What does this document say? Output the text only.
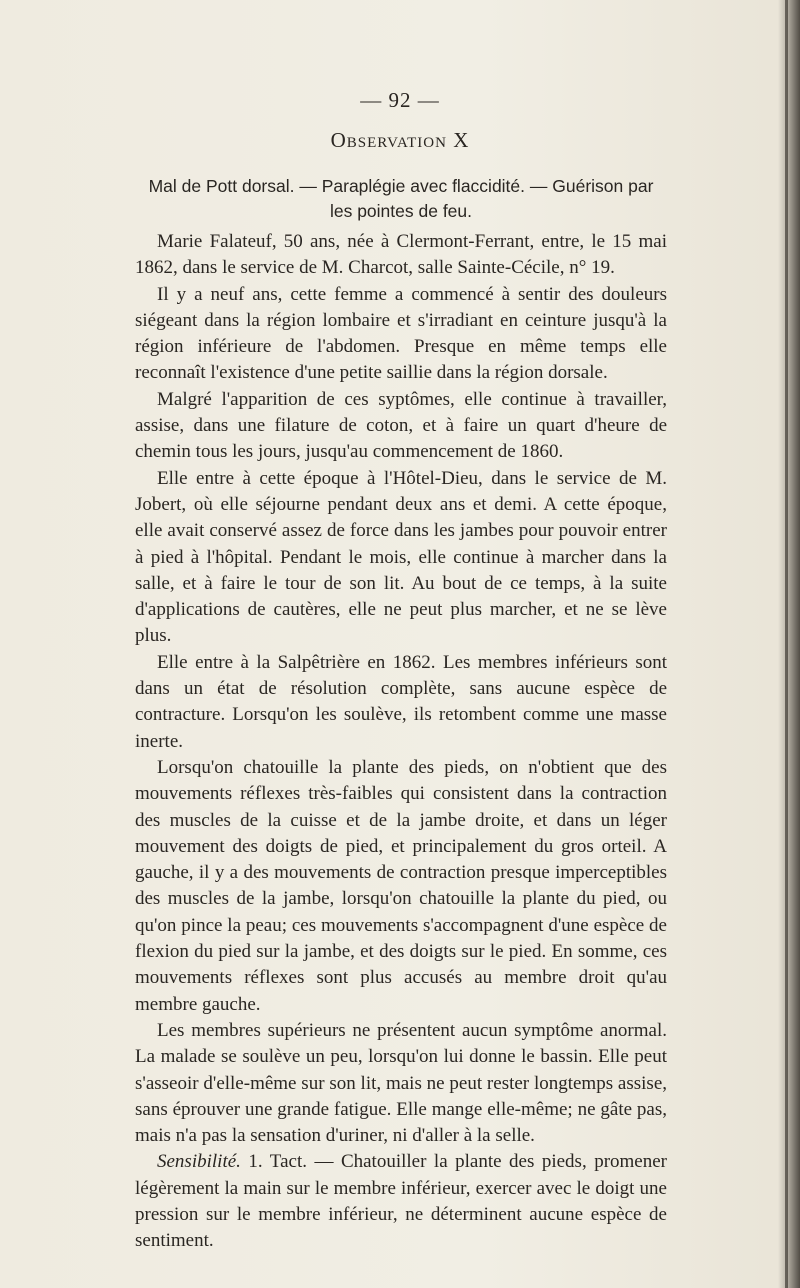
— 92 —
Observation X
Mal de Pott dorsal. — Paraplégie avec flaccidité. — Guérison par les pointes de feu.

Marie Falateuf, 50 ans, née à Clermont-Ferrant, entre, le 15 mai 1862, dans le service de M. Charcot, salle Sainte-Cécile, n° 19.

Il y a neuf ans, cette femme a commencé à sentir des douleurs siégeant dans la région lombaire et s'irradiant en ceinture jusqu'à la région inférieure de l'abdomen. Presque en même temps elle reconnaît l'existence d'une petite saillie dans la région dorsale.

Malgré l'apparition de ces syptômes, elle continue à travailler, assise, dans une filature de coton, et à faire un quart d'heure de chemin tous les jours, jusqu'au commencement de 1860.

Elle entre à cette époque à l'Hôtel-Dieu, dans le service de M. Jobert, où elle séjourne pendant deux ans et demi. A cette époque, elle avait conservé assez de force dans les jambes pour pouvoir entrer à pied à l'hôpital. Pendant le mois, elle continue à marcher dans la salle, et à faire le tour de son lit. Au bout de ce temps, à la suite d'applications de cautères, elle ne peut plus marcher, et ne se lève plus.

Elle entre à la Salpêtrière en 1862. Les membres inférieurs sont dans un état de résolution complète, sans aucune espèce de contracture. Lorsqu'on les soulève, ils retombent comme une masse inerte.

Lorsqu'on chatouille la plante des pieds, on n'obtient que des mouvements réflexes très-faibles qui consistent dans la contraction des muscles de la cuisse et de la jambe droite, et dans un léger mouvement des doigts de pied, et principalement du gros orteil. A gauche, il y a des mouvements de contraction presque imperceptibles des muscles de la jambe, lorsqu'on chatouille la plante du pied, ou qu'on pince la peau; ces mouvements s'accompagnent d'une espèce de flexion du pied sur la jambe, et des doigts sur le pied. En somme, ces mouvements réflexes sont plus accusés au membre droit qu'au membre gauche.

Les membres supérieurs ne présentent aucun symptôme anormal. La malade se soulève un peu, lorsqu'on lui donne le bassin. Elle peut s'asseoir d'elle-même sur son lit, mais ne peut rester longtemps assise, sans éprouver une grande fatigue. Elle mange elle-même; ne gâte pas, mais n'a pas la sensation d'uriner, ni d'aller à la selle.

Sensibilité. 1. Tact. — Chatouiller la plante des pieds, promener légèrement la main sur le membre inférieur, exercer avec le doigt une pression sur le membre inférieur, ne déterminent aucune espèce de sentiment.
